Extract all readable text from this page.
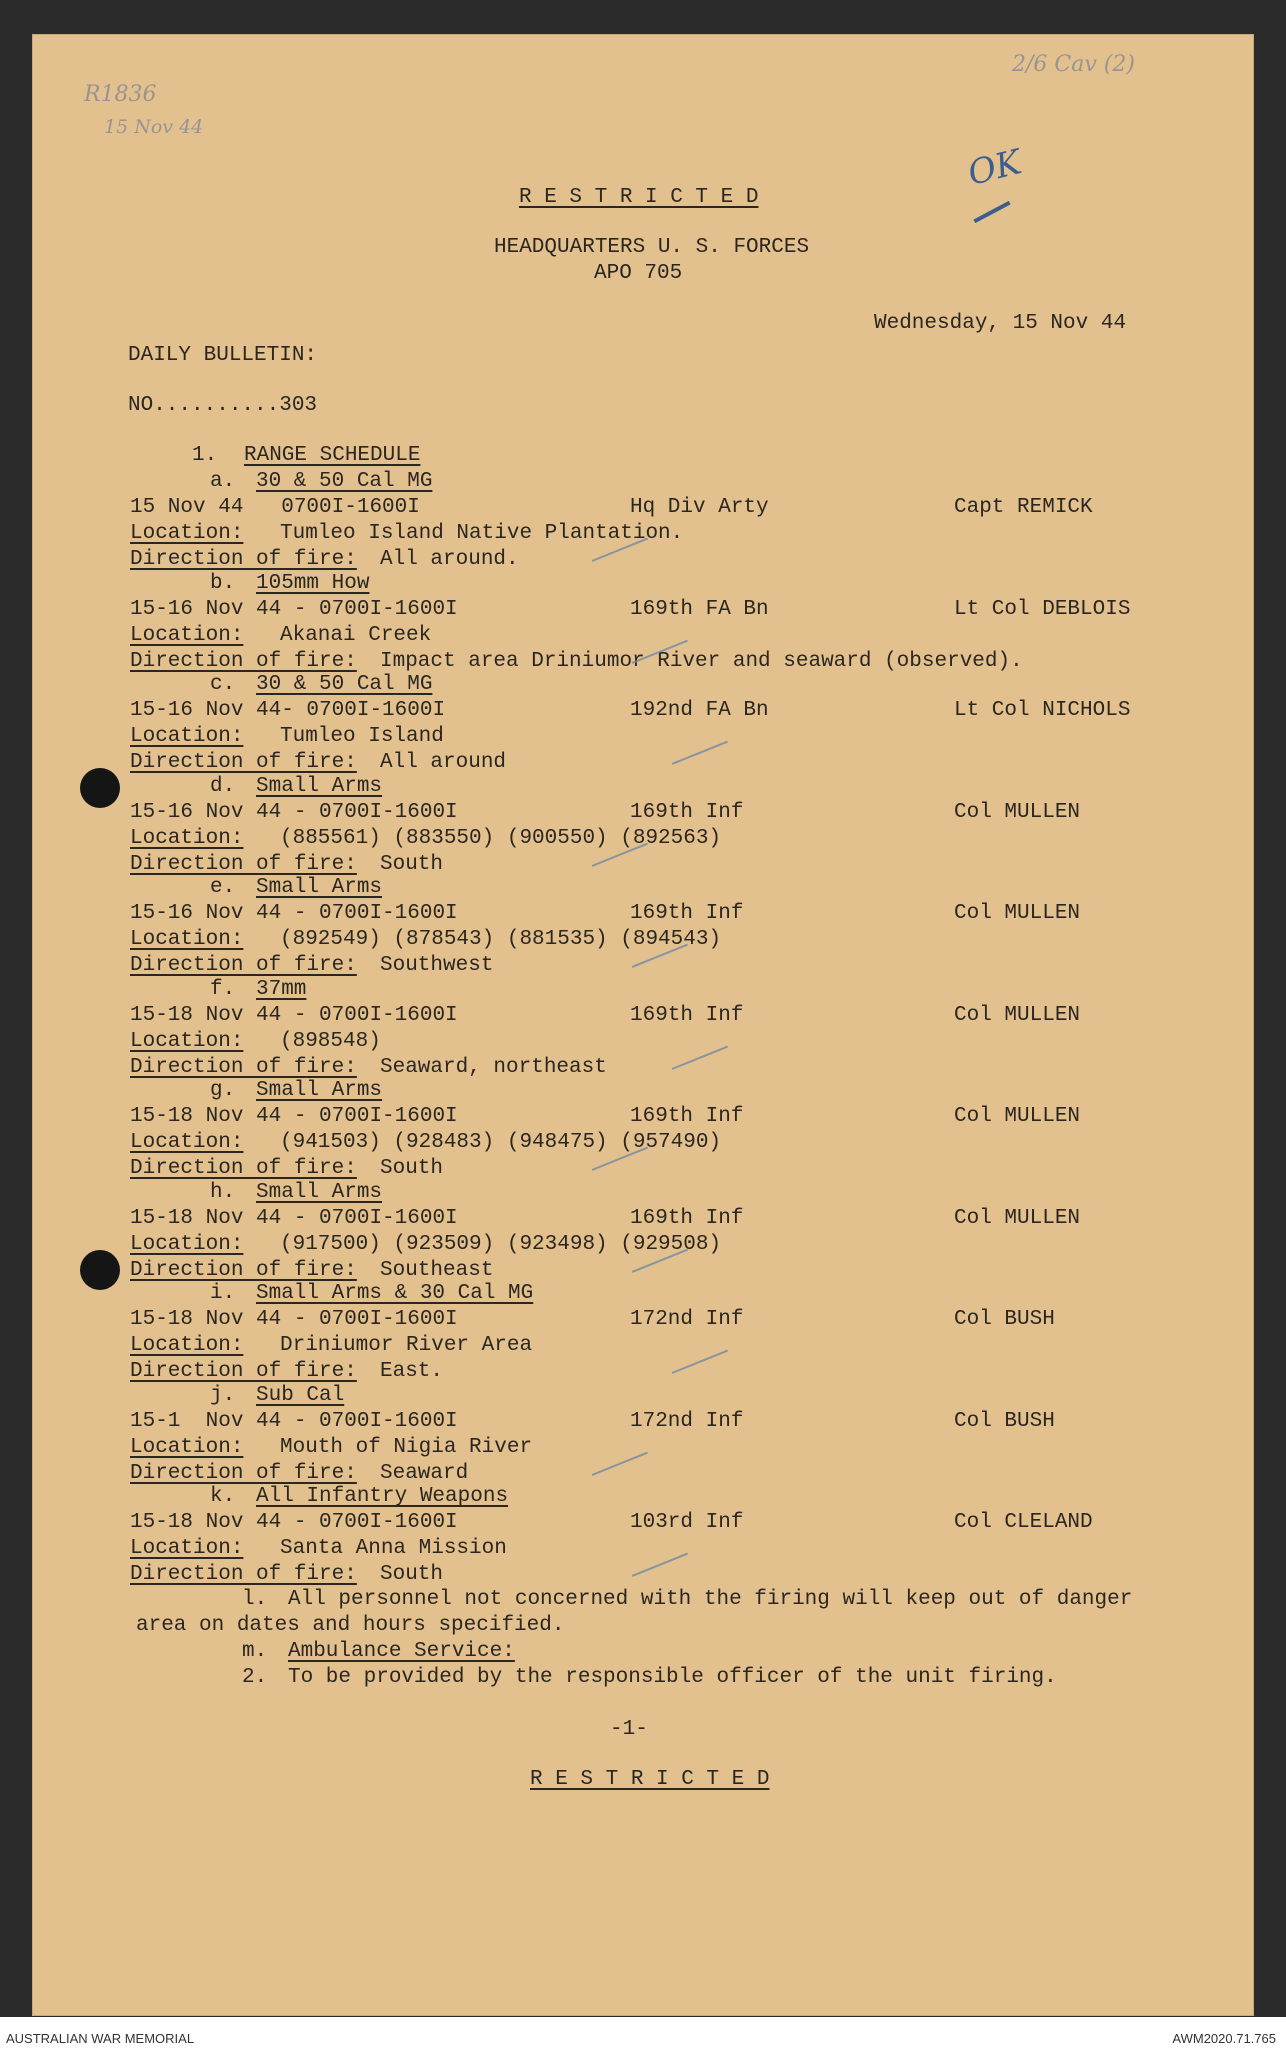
R1836
15 Nov 44
2/6 Cav (2)
OK
R E S T R I C T E D
HEADQUARTERS U. S. FORCES
APO 705
Wednesday, 15 Nov 44
DAILY BULLETIN:
NO..........303
1. RANGE SCHEDULE
a. 30 & 50 Cal MG
15 Nov 44   0700I-1600I	Hq Div Arty	Capt REMICK
Location: Tumleo Island Native Plantation.
Direction of fire: All around.
b. 105mm How
15-16 Nov 44 - 0700I-1600I	169th FA Bn	Lt Col DEBLOIS
Location: Akanai Creek
Direction of fire: Impact area Driniumor River and seaward (observed).
c. 30 & 50 Cal MG
15-16 Nov 44- 0700I-1600I	192nd FA Bn	Lt Col NICHOLS
Location: Tumleo Island
Direction of fire: All around
d. Small Arms
15-16 Nov 44 - 0700I-1600I	169th Inf	Col MULLEN
Location: (885561) (883550) (900550) (892563)
Direction of fire: South
e. Small Arms
15-16 Nov 44 - 0700I-1600I	169th Inf	Col MULLEN
Location: (892549) (878543) (881535) (894543)
Direction of fire: Southwest
f. 37mm
15-18 Nov 44 - 0700I-1600I	169th Inf	Col MULLEN
Location: (898548)
Direction of fire: Seaward, northeast
g. Small Arms
15-18 Nov 44 - 0700I-1600I	169th Inf	Col MULLEN
Location: (941503) (928483) (948475) (957490)
Direction of fire: South
h. Small Arms
15-18 Nov 44 - 0700I-1600I	169th Inf	Col MULLEN
Location: (917500) (923509) (923498) (929508)
Direction of fire: Southeast
i. Small Arms & 30 Cal MG
15-18 Nov 44 - 0700I-1600I	172nd Inf	Col BUSH
Location: Driniumor River Area
Direction of fire: East.
j. Sub Cal
15-1  Nov 44 - 0700I-1600I	172nd Inf	Col BUSH
Location: Mouth of Nigia River
Direction of fire: Seaward
k. All Infantry Weapons
15-18 Nov 44 - 0700I-1600I	103rd Inf	Col CLELAND
Location: Santa Anna Mission
Direction of fire: South
l. All personnel not concerned with the firing will keep out of danger
area on dates and hours specified.
m. Ambulance Service:
2. To be provided by the responsible officer of the unit firing.
-1-
R E S T R I C T E D
AUSTRALIAN WAR MEMORIAL	AWM2020.71.765
